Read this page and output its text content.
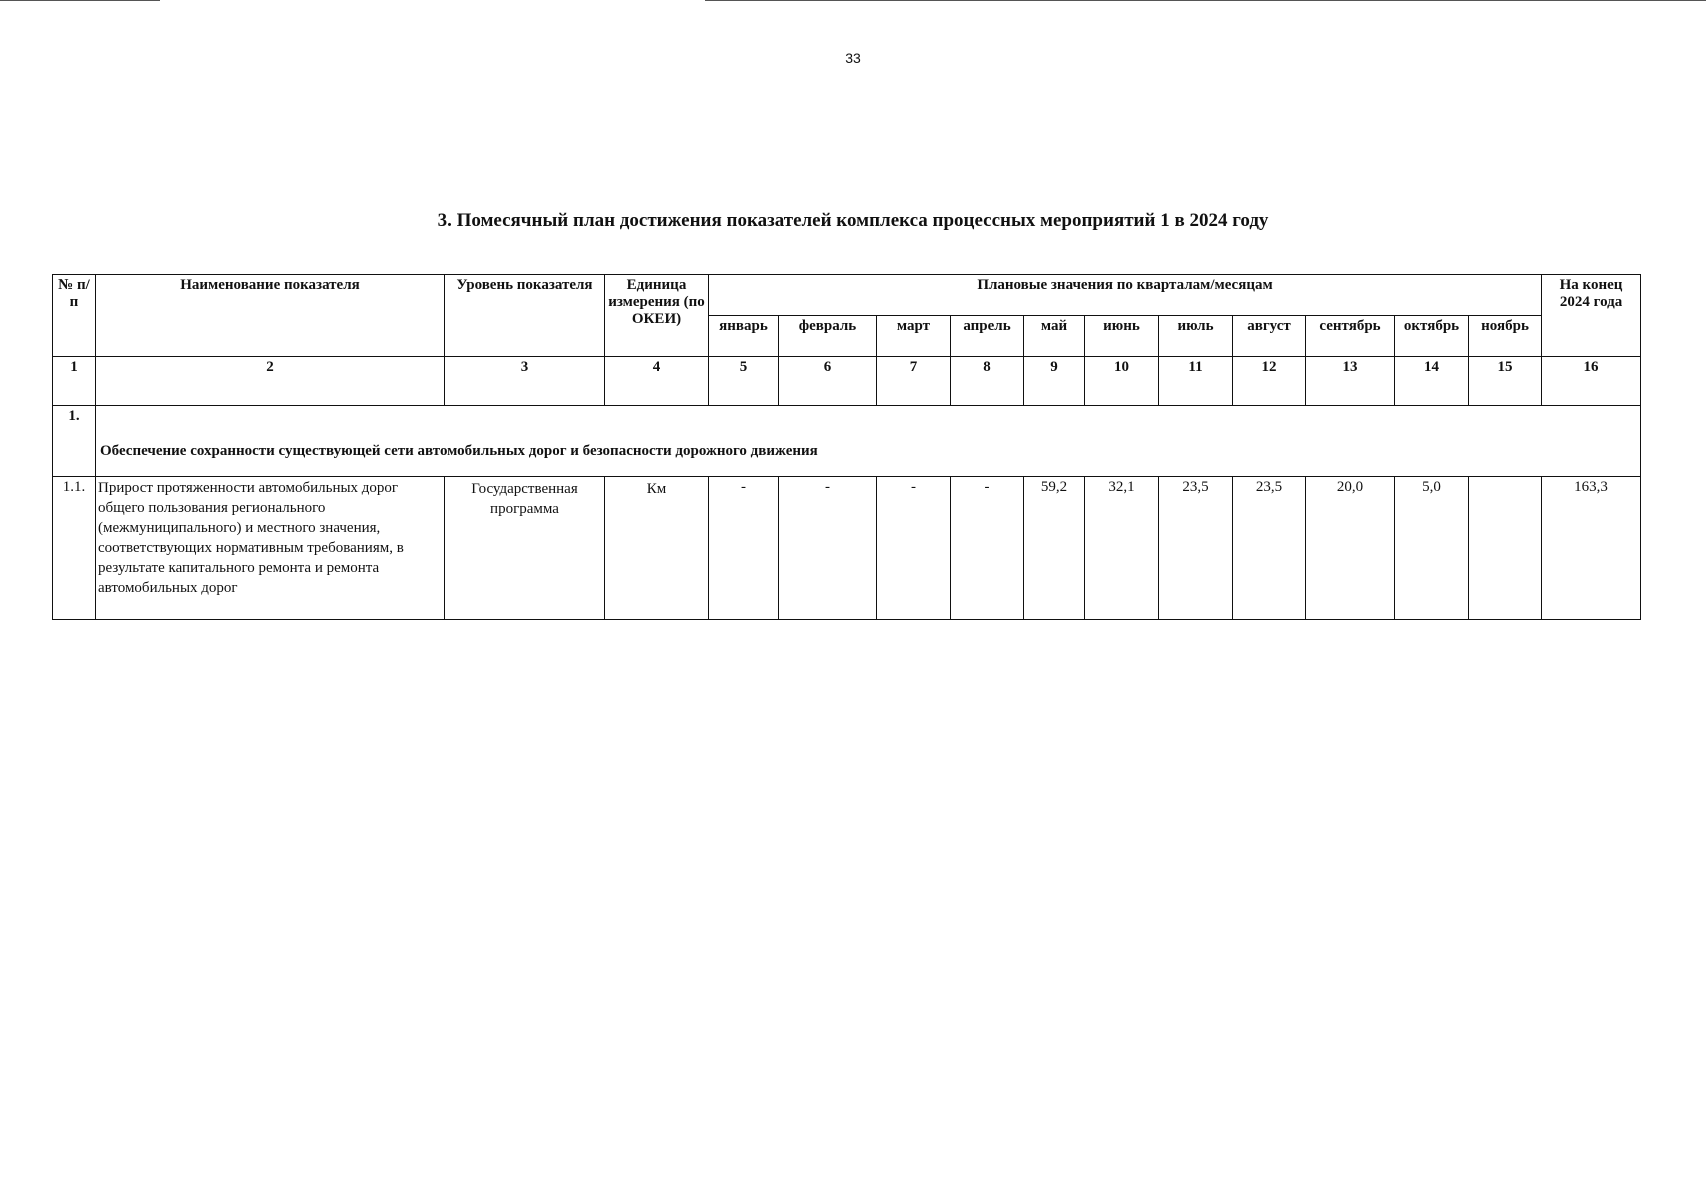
33
3. Помесячный план достижения показателей комплекса процессных мероприятий 1 в 2024 году
№ п/п	Наименование показателя	Уровень показателя	Единица измерения (по ОКЕИ)	Плановые значения по кварталам/месяцам											На конец 2024 года
				январь	февраль	март	апрель	май	июнь	июль	август	сентябрь	октябрь	ноябрь	
1	2	3	4	5	6	7	8	9	10	11	12	13	14	15	16
1.	Обеспечение сохранности существующей сети автомобильных дорог и безопасности дорожного движения														
1.1.	Прирост протяженности автомобильных дорог общего пользования регионального (межмуниципального) и местного значения, соответствующих нормативным требованиям, в результате капитального ремонта и ремонта автомобильных дорог	Государственная программа	Км	-	-	-	-	59,2	32,1	23,5	23,5	20,0	5,0		163,3
